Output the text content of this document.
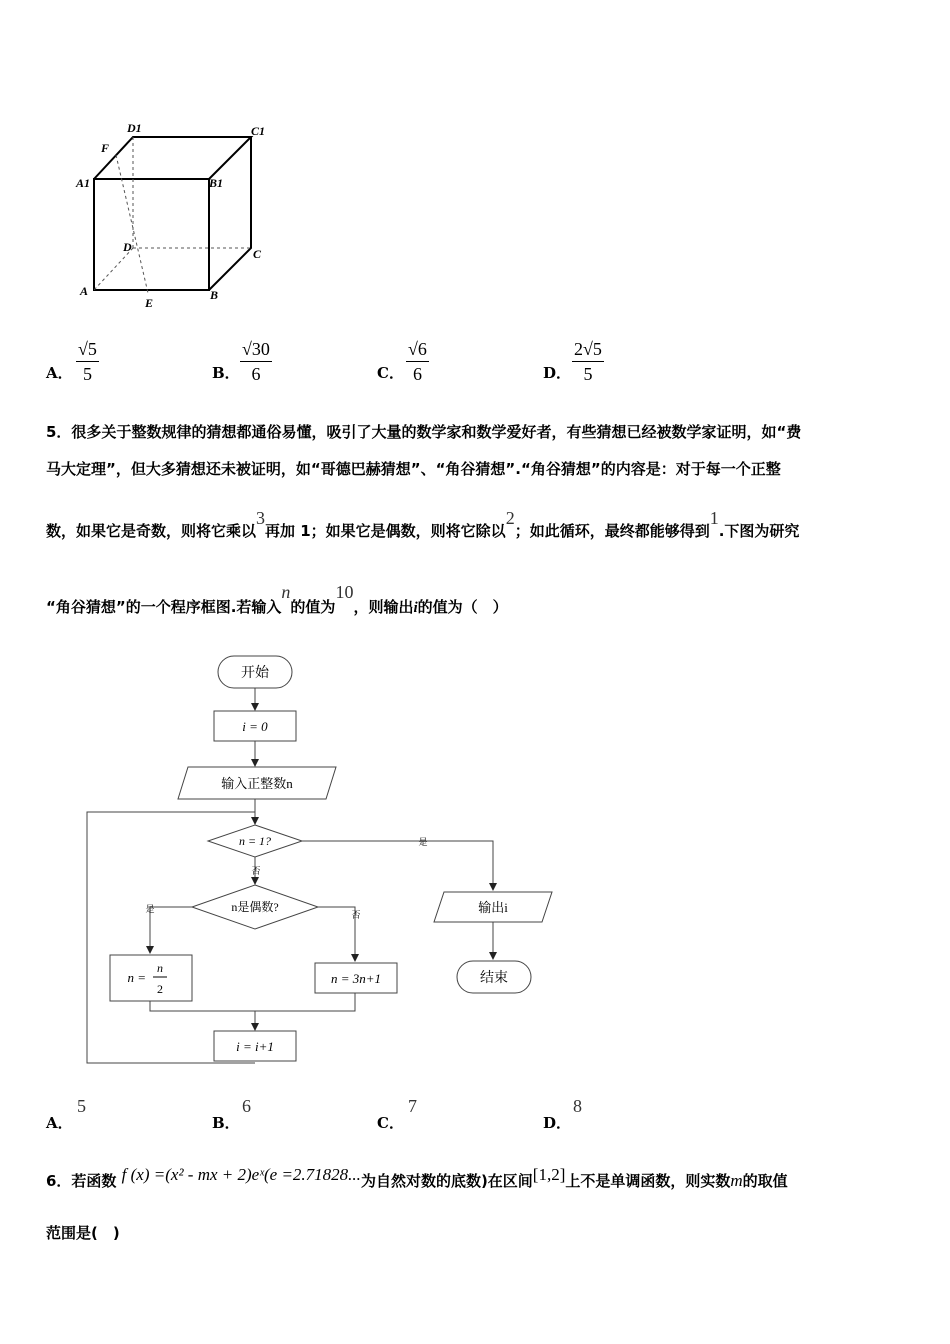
D1	C1
F
A1	B1
D	C
A	B
E
A．
√5
5	B．
√30
6	C．
√6
6	D．
2√5
5
5．很多关于整数规律的猜想都通俗易懂，吸引了大量的数学家和数学爱好者，有些猜想已经被数学家证明，如“费
马大定理”，但大多猜想还未被证明，如“哥德巴赫猜想”、“角谷猜想”.“角谷猜想”的内容是：对于每一个正整
数，如果它是奇数，则将它乘以3再加 1；如果它是偶数，则将它除以2；如此循环，最终都能够得到1.下图为研究
“角谷猜想”的一个程序框图.若输入n的值为10，则输出i的值为（　）
开始
i = 0
输入正整数n
n = 1?	是
否
n是偶数?
是
否
n =
n
2
n = 3n+1
i = i+1
输出i
结束
A．
5
B．
6
C．
7
D．
8
6．若函数 f (x) =(x² - mx + 2)eˣ(e =2.71828...为自然对数的底数)在区间[1,2]上不是单调函数，则实数m的取值
范围是(　)
